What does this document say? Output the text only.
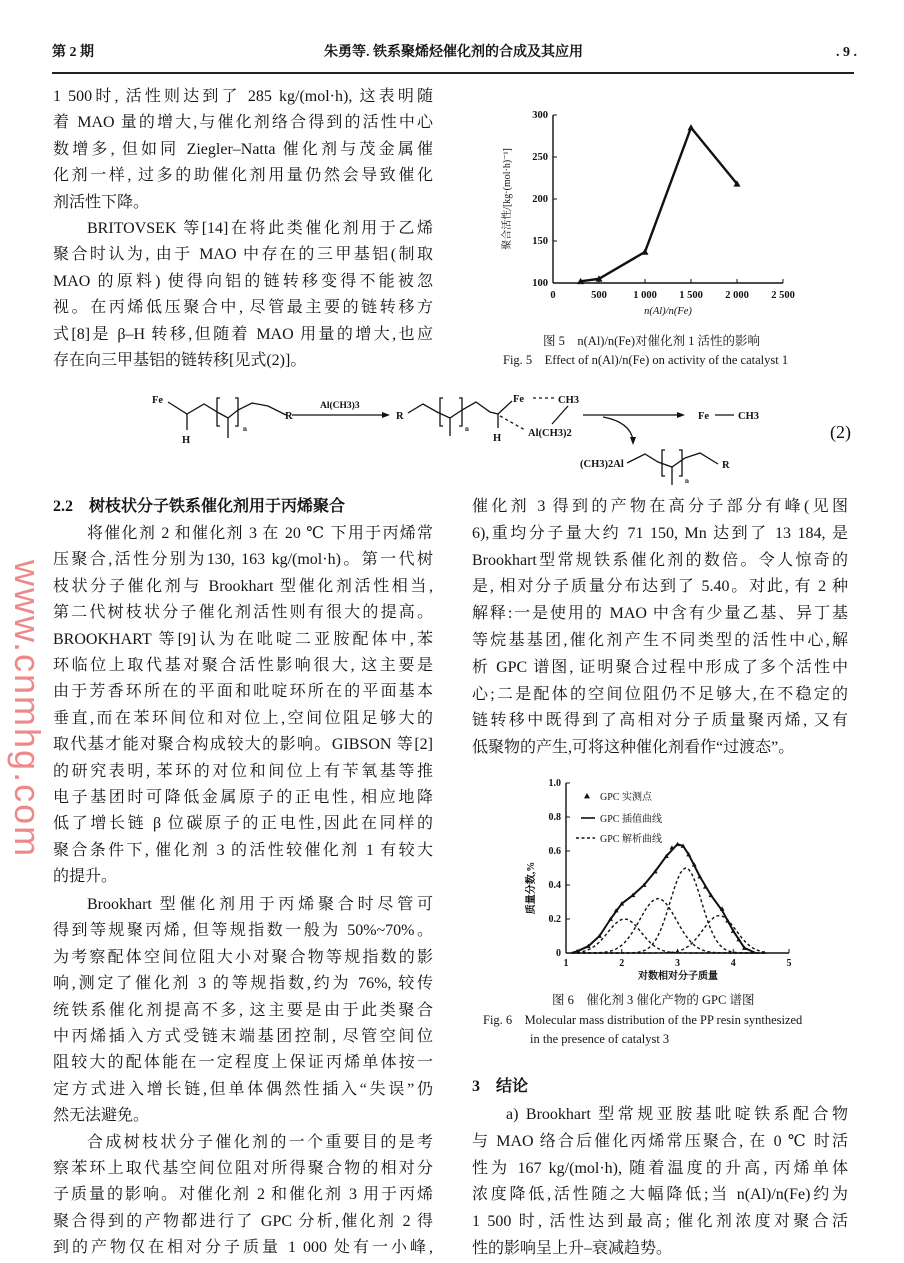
第 2 期	朱勇等. 铁系聚烯烃催化剂的合成及其应用	. 9 .
1 500时, 活性则达到了 285 kg/(mol·h), 这表明随
着 MAO 量的增大,与催化剂络合得到的活性中心
数增多, 但如同 Ziegler–Natta 催化剂与茂金属催
化剂一样, 过多的助催化剂用量仍然会导致催化
剂活性下降。
BRITOVSEK 等[14]在将此类催化剂用于乙烯
聚合时认为, 由于 MAO 中存在的三甲基铝(制取
MAO 的原料) 使得向铝的链转移变得不能被忽
视。在丙烯低压聚合中, 尽管最主要的链转移方
式[8]是 β–H 转移,但随着 MAO 用量的增大,也应
存在向三甲基铝的链转移[见式(2)]。
2.2　树枝状分子铁系催化剂用于丙烯聚合
将催化剂 2 和催化剂 3 在 20 ℃ 下用于丙烯常
压聚合,活性分别为130, 163 kg/(mol·h)。第一代树
枝状分子催化剂与 Brookhart 型催化剂活性相当,
第二代树枝状分子催化剂活性则有很大的提高。
BROOKHART 等[9]认为在吡啶二亚胺配体中,苯
环临位上取代基对聚合活性影响很大, 这主要是
由于芳香环所在的平面和吡啶环所在的平面基本
垂直,而在苯环间位和对位上,空间位阻足够大的
取代基才能对聚合构成较大的影响。GIBSON 等[2]
的研究表明, 苯环的对位和间位上有苄氧基等推
电子基团时可降低金属原子的正电性, 相应地降
低了增长链 β 位碳原子的正电性,因此在同样的
聚合条件下, 催化剂 3 的活性较催化剂 1 有较大
的提升。
Brookhart 型催化剂用于丙烯聚合时尽管可
得到等规聚丙烯, 但等规指数一般为 50%~70%。
为考察配体空间位阻大小对聚合物等规指数的影
响,测定了催化剂 3 的等规指数,约为 76%, 较传
统铁系催化剂提高不多, 这主要是由于此类聚合
中丙烯插入方式受链末端基团控制, 尽管空间位
阻较大的配体能在一定程度上保证丙烯单体按一
定方式进入增长链,但单体偶然性插入“失误”仍
然无法避免。
合成树枝状分子催化剂的一个重要目的是考
察苯环上取代基空间位阻对所得聚合物的相对分
子质量的影响。对催化剂 2 和催化剂 3 用于丙烯
聚合得到的产物都进行了 GPC 分析,催化剂 2 得
到的产物仅在相对分子质量 1 000 处有一小峰,
催化剂 3 得到的产物在高分子部分有峰(见图
6),重均分子量大约 71 150, Mn 达到了 13 184, 是
Brookhart型常规铁系催化剂的数倍。令人惊奇的
是, 相对分子质量分布达到了 5.40。对此, 有 2 种
解释:一是使用的 MAO 中含有少量乙基、异丁基
等烷基基团,催化剂产生不同类型的活性中心,解
析 GPC 谱图, 证明聚合过程中形成了多个活性中
心;二是配体的空间位阻仍不足够大,在不稳定的
链转移中既得到了高相对分子质量聚丙烯, 又有
低聚物的产生,可将这种催化剂看作“过渡态”。
3　结论
a) Brookhart 型常规亚胺基吡啶铁系配合物
与 MAO 络合后催化丙烯常压聚合, 在 0 ℃ 时活
性为 167 kg/(mol·h), 随着温度的升高, 丙烯单体
浓度降低,活性随之大幅降低;当 n(Al)/n(Fe)约为
1 500 时, 活性达到最高; 催化剂浓度对聚合活
性的影响呈上升–衰减趋势。
0	500	1 000 1 500 2 000 2 500
100
150
200
250
300
n(Al)/n(Fe)
聚合活性/[kg·(mol·h)⁻¹]
图 5　n(Al)/n(Fe)对催化剂 1 活性的影响
Fig. 5　Effect of n(Al)/n(Fe) on activity of the catalyst 1
Fe
H
n
R
Al(CH3)3
R
n
H
Fe	CH3
Al(CH3)2
Fe	CH3
(CH3)2Al
n
R
(2)
1	2	3	4	5
0
0.2
0.4
0.6
0.8
1.0
对数相对分子质量
质量分数,%
GPC 实测点
GPC 插值曲线
GPC 解析曲线
图 6　催化剂 3 催化产物的 GPC 谱图
Fig. 6　Molecular mass distribution of the PP resin synthesized
in the presence of catalyst 3
www.cnmhg.com
